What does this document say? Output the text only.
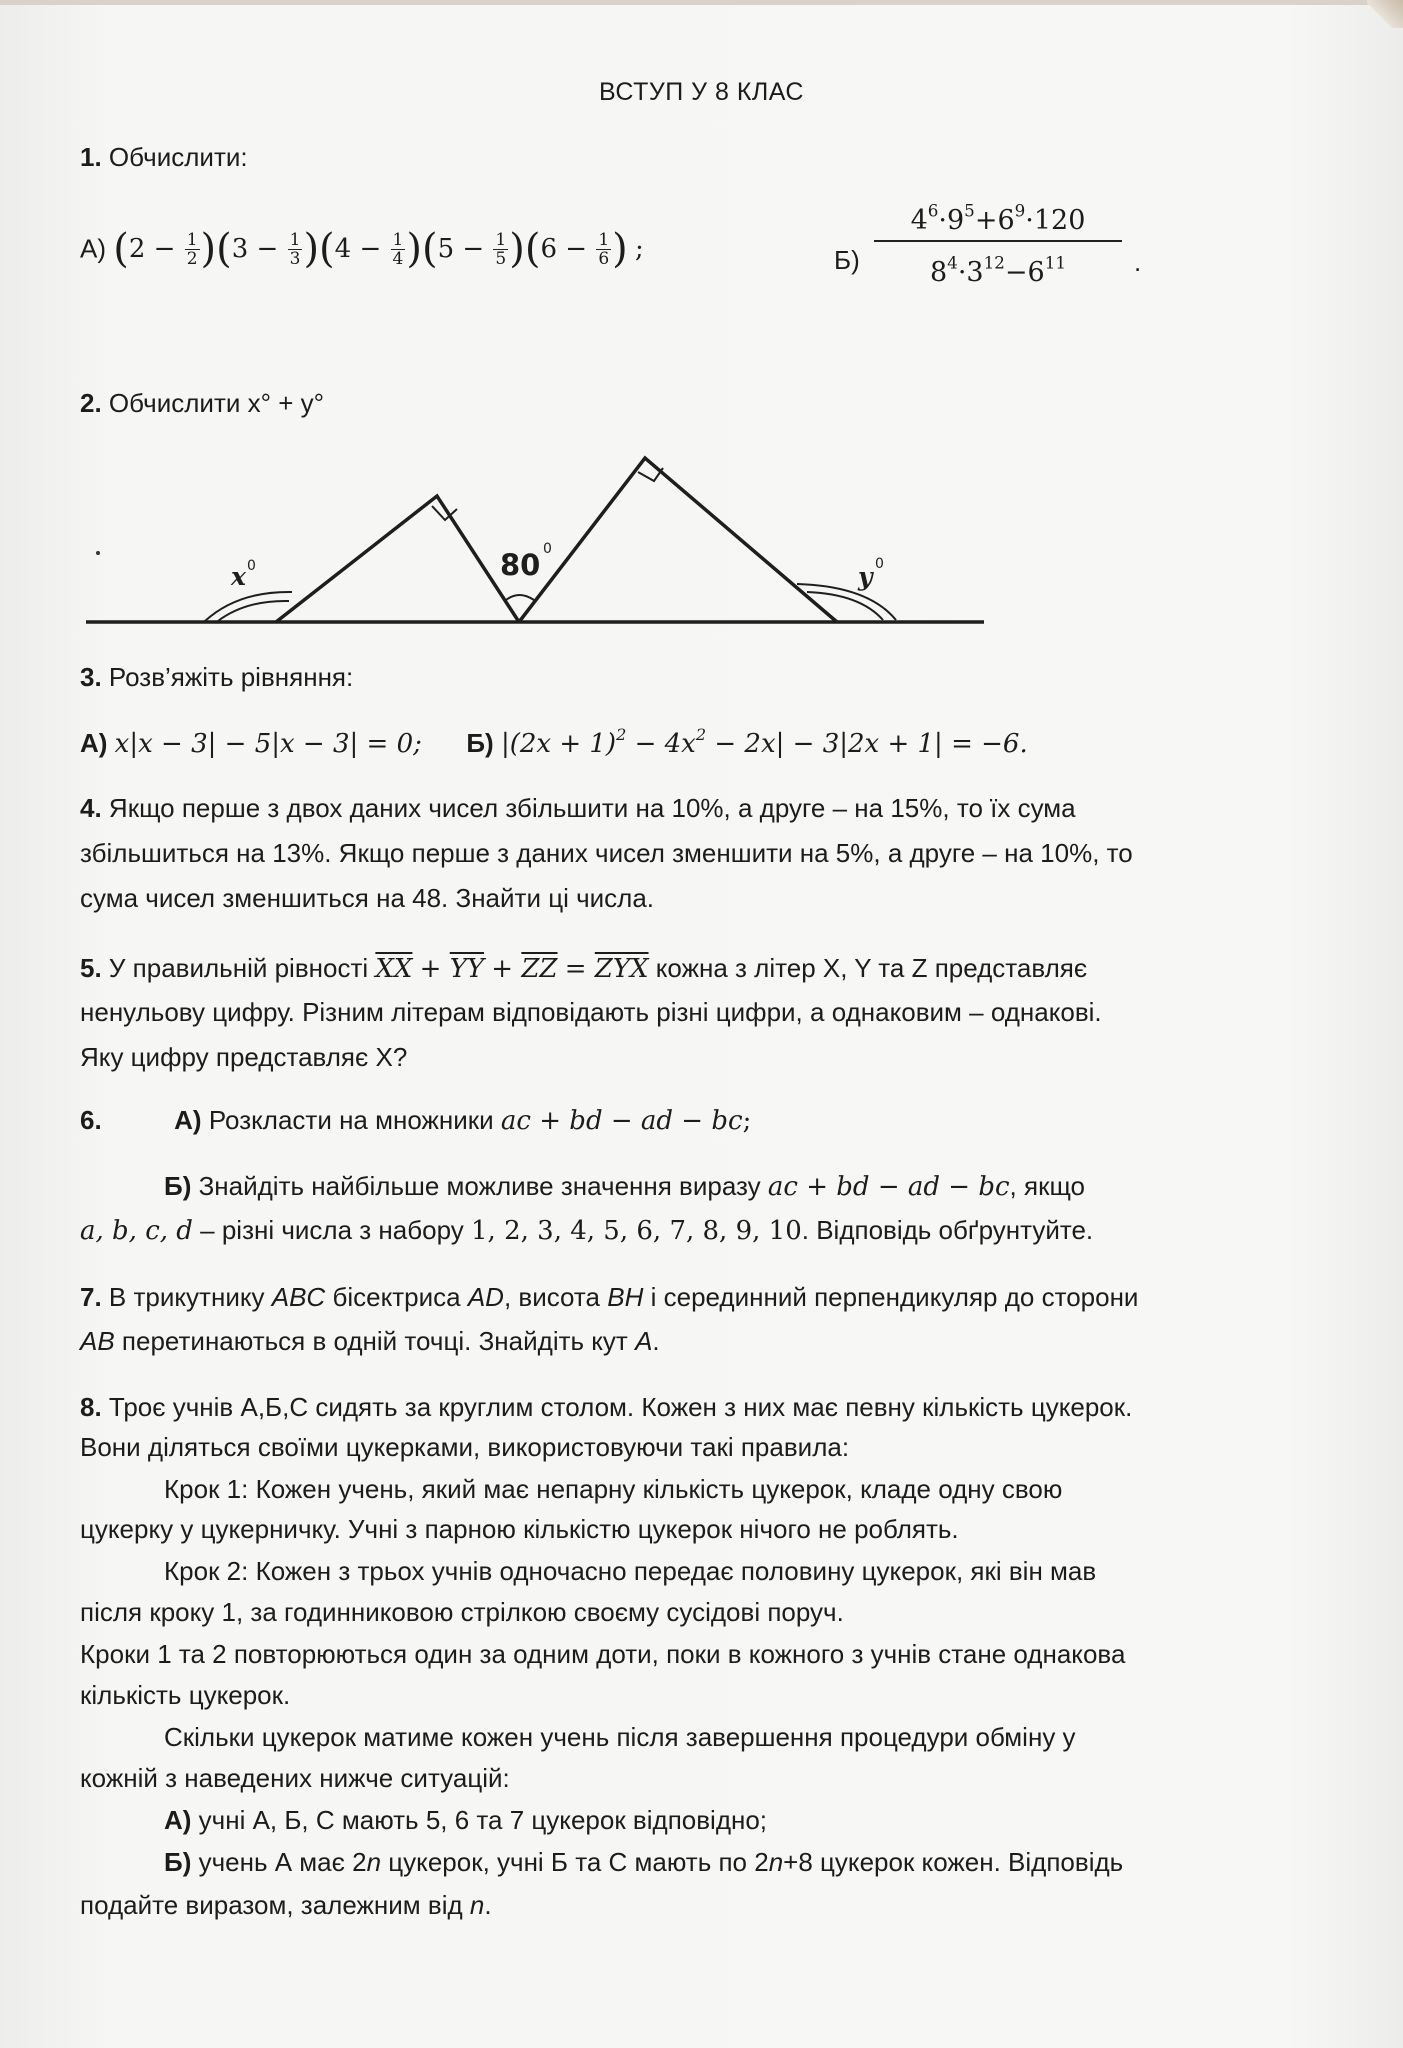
ВСТУП У 8 КЛАС
1. Обчислити:
А) $(2 - \frac{1}{2} )(3 - \frac{1}{3} )(4 - \frac{1}{4} )(5 - \frac{1}{5} )(6 - \frac{1}{6}$ ) ;	Б)
$4^6\cdot 9^5+6^9\cdot 120$
$8^4\cdot 3^{12}-6^{11}$	.
2. Обчислити x° + y°
x 0	80 0
y 0
3. Розв’яжіть рівняння:
А) x|x − 3| − 5|x − 3| = 0; Б) $|(2x + 1)^2 - 4x^2 - 2x| - 3|2x + 1| = -6$.
4. Якщо перше з двох даних чисел збільшити на 10%, а друге – на 15%, то їх сума
збільшиться на 13%. Якщо перше з даних чисел зменшити на 5%, а друге – на 10%, то
сума чисел зменшиться на 48. Знайти ці числа.
5. У правильній рівності $\overline{XX} + \overline{YY} + \overline{ZZ} = \overline{ZYX}$ кожна з літер X, Y та Z представляє
ненульову цифру. Різним літерам відповідають різні цифри, а однаковим – однакові.
Яку цифру представляє X?
6.	А) Розкласти на множники ac + bd − ad − bc;
Б) Знайдіть найбільше можливе значення виразу ac + bd − ad − bc, якщо
a, b, c, d – різні числа з набору 1, 2, 3, 4, 5, 6, 7, 8, 9, 10. Відповідь обґрунтуйте.
7. В трикутнику ABC бісектриса AD, висота BH і серединний перпендикуляр до сторони
AB перетинаються в одній точці. Знайдіть кут A.
8. Троє учнів А,Б,С сидять за круглим столом. Кожен з них має певну кількість цукерок.
Вони діляться своїми цукерками, використовуючи такі правила:
Крок 1: Кожен учень, який має непарну кількість цукерок, кладе одну свою
цукерку у цукерничку. Учні з парною кількістю цукерок нічого не роблять.
Крок 2: Кожен з трьох учнів одночасно передає половину цукерок, які він мав
після кроку 1, за годинниковою стрілкою своєму сусідові поруч.
Кроки 1 та 2 повторюються один за одним доти, поки в кожного з учнів стане однакова
кількість цукерок.
Скільки цукерок матиме кожен учень після завершення процедури обміну у
кожній з наведених нижче ситуацій:
А) учні А, Б, С мають 5, 6 та 7 цукерок відповідно;
Б) учень А має 2n цукерок, учні Б та С мають по 2n+8 цукерок кожен. Відповідь
подайте виразом, залежним від n.
